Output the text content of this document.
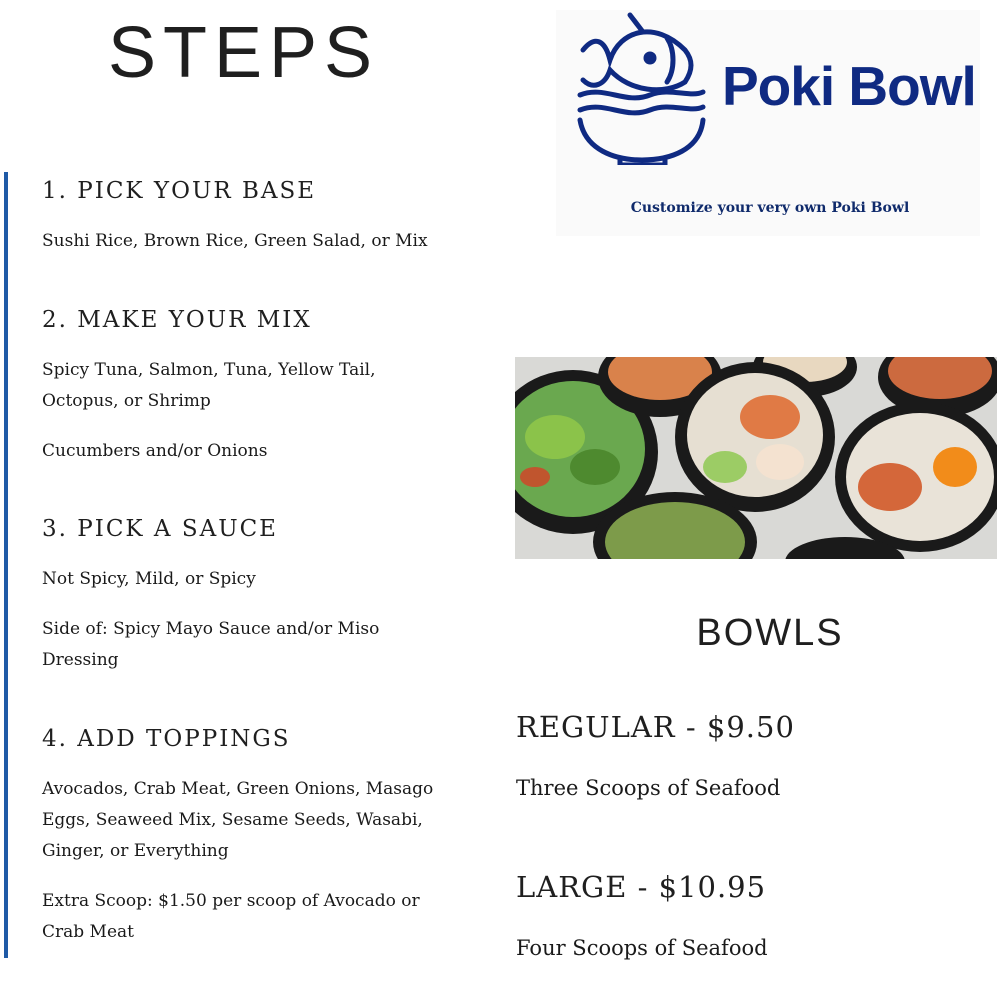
STEPS
1. PICK YOUR BASE
Sushi Rice, Brown Rice, Green Salad, or Mix
2. MAKE YOUR MIX
Spicy Tuna, Salmon, Tuna, Yellow Tail, Octopus, or Shrimp
Cucumbers and/or Onions
3. PICK A SAUCE
Not Spicy, Mild, or Spicy
Side of: Spicy Mayo Sauce and/or Miso Dressing
4. ADD TOPPINGS
Avocados, Crab Meat, Green Onions, Masago Eggs, Seaweed Mix, Sesame Seeds, Wasabi, Ginger, or Everything
Extra Scoop: $1.50 per scoop of Avocado or Crab Meat
Poki Bowl
Customize your very own Poki Bowl
BOWLS
REGULAR - $9.50
Three Scoops of Seafood
LARGE - $10.95
Four Scoops of Seafood
